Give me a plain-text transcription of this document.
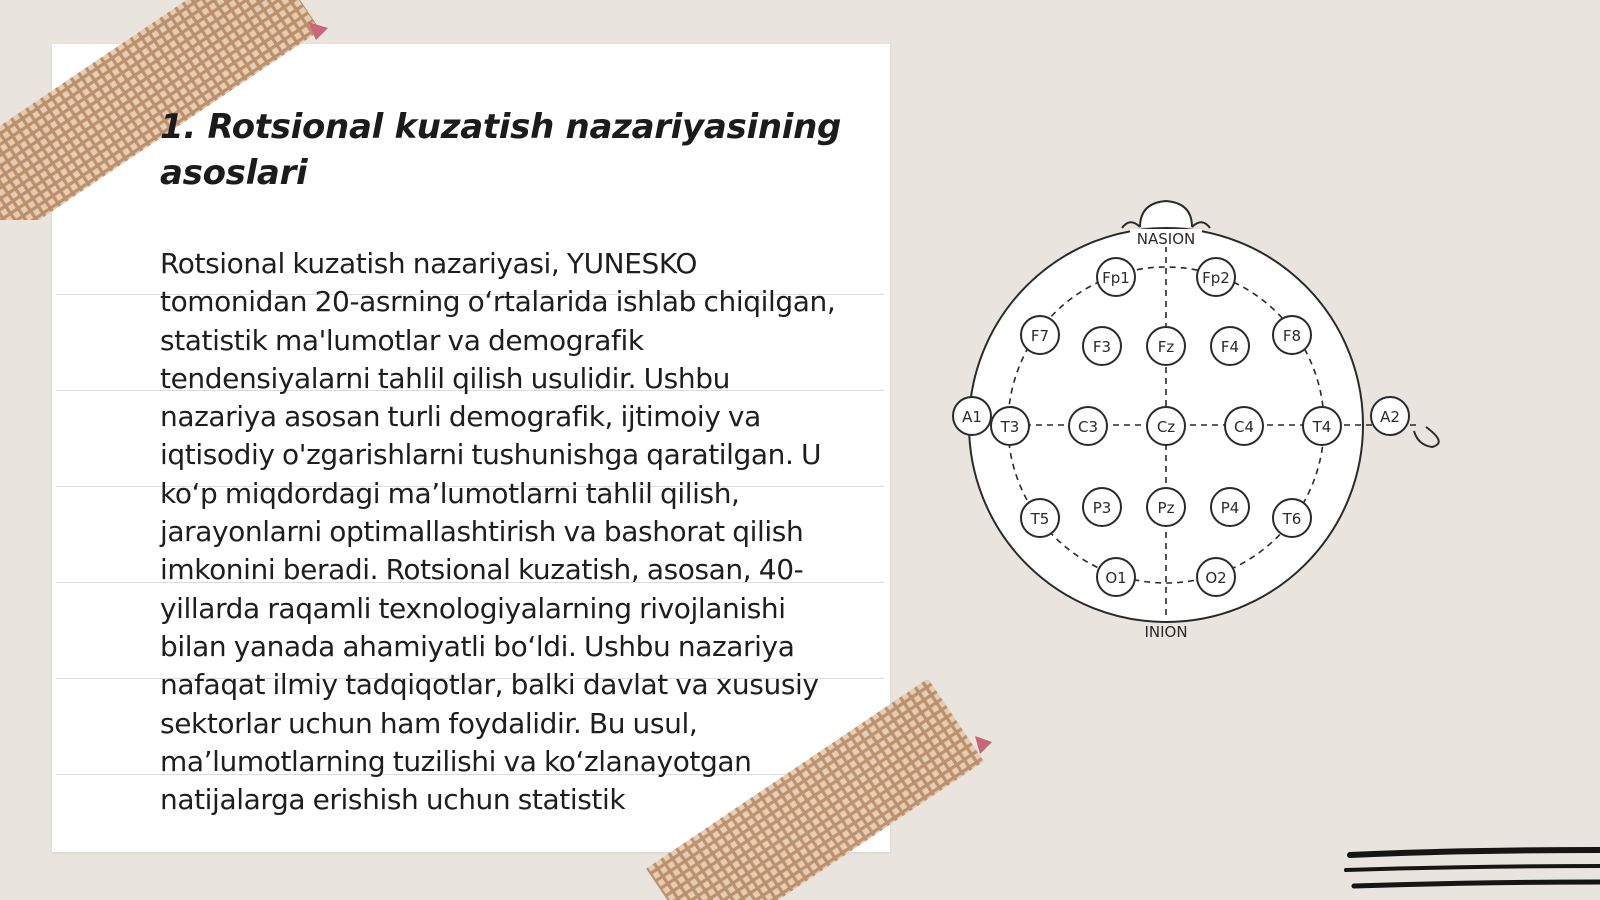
1. Rotsional kuzatish nazariyasining asoslari

Rotsional kuzatish nazariyasi, YUNESKO tomonidan 20-asrning o‘rtalarida ishlab chiqilgan, statistik ma'lumotlar va demografik tendensiyalarni tahlil qilish usulidir. Ushbu nazariya asosan turli demografik, ijtimoiy va iqtisodiy o'zgarishlarni tushunishga qaratilgan. U ko‘p miqdordagi ma’lumotlarni tahlil qilish, jarayonlarni optimallashtirish va bashorat qilish imkonini beradi. Rotsional kuzatish, asosan, 40-yillarda raqamli texnologiyalarning rivojlanishi bilan yanada ahamiyatli bo‘ldi. Ushbu nazariya nafaqat ilmiy tadqiqotlar, balki davlat va xususiy sektorlar uchun ham foydalidir. Bu usul, ma’lumotlarning tuzilishi va ko‘zlanayotgan natijalarga erishish uchun statistik

NASION
INION
Fp1	Fp2
F7
F3	Fz	F4
F8
A1
T3	C3	Cz	C4	T4
A2
T5
P3	Pz	P4
T6
O1	O2
